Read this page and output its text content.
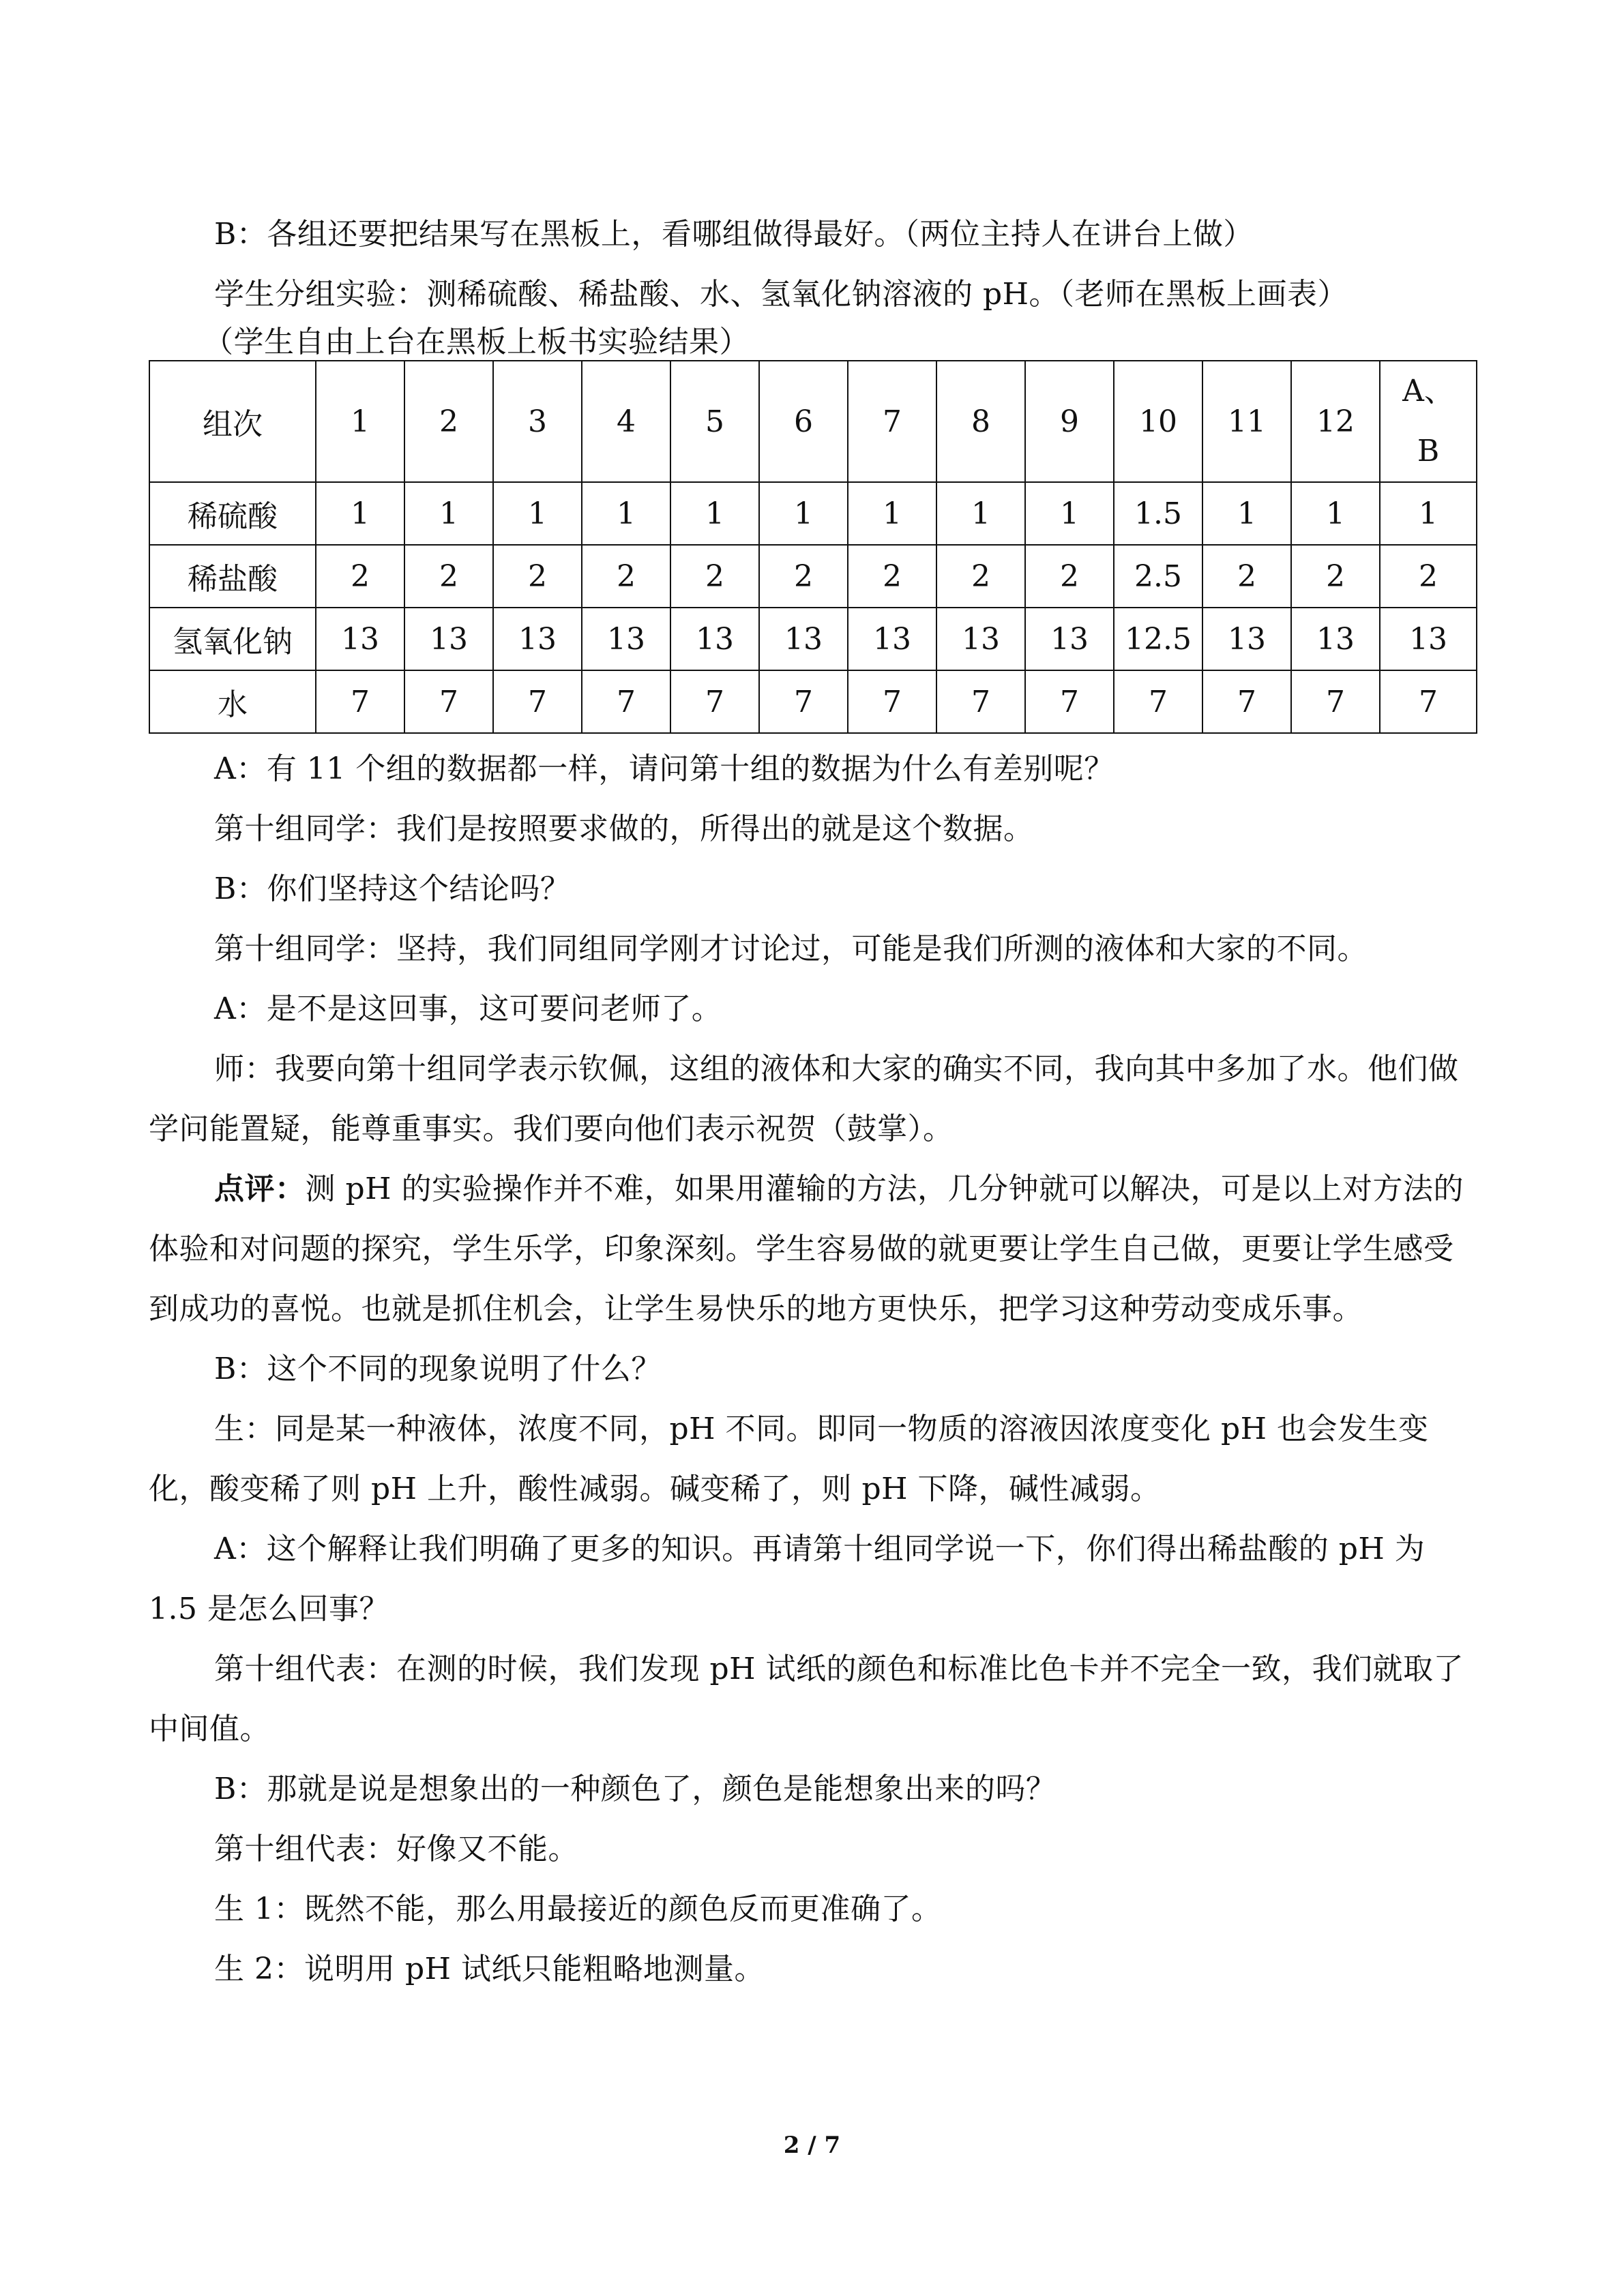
B：各组还要把结果写在黑板上，看哪组做得最好。（两位主持人在讲台上做）

学生分组实验：测稀硫酸、稀盐酸、水、氢氧化钠溶液的 pH。（老师在黑板上画表）

（学生自由上台在黑板上板书实验结果）

组次	1	2	3	4	5	6	7	8	9	10	11	12	A、
B

稀硫酸	1	1	1	1	1	1	1	1	1	1.5	1	1	1
稀盐酸	2	2	2	2	2	2	2	2	2	2.5	2	2	2
氢氧化钠	13	13	13	13	13	13	13	13	13	12.5	13	13	13
水	7	7	7	7	7	7	7	7	7	7	7	7	7

A：有 11 个组的数据都一样，请问第十组的数据为什么有差别呢？

第十组同学：我们是按照要求做的，所得出的就是这个数据。

B：你们坚持这个结论吗？

第十组同学：坚持，我们同组同学刚才讨论过，可能是我们所测的液体和大家的不同。

A：是不是这回事，这可要问老师了。

师：我要向第十组同学表示钦佩，这组的液体和大家的确实不同，我向其中多加了水。他们做学问能置疑，能尊重事实。我们要向他们表示祝贺（鼓掌）。

点评：测 pH 的实验操作并不难，如果用灌输的方法，几分钟就可以解决，可是以上对方法的体验和对问题的探究，学生乐学，印象深刻。学生容易做的就更要让学生自己做，更要让学生感受到成功的喜悦。也就是抓住机会，让学生易快乐的地方更快乐，把学习这种劳动变成乐事。

B：这个不同的现象说明了什么？

生：同是某一种液体，浓度不同，pH 不同。即同一物质的溶液因浓度变化 pH 也会发生变化，酸变稀了则 pH 上升，酸性减弱。碱变稀了，则 pH 下降，碱性减弱。

A：这个解释让我们明确了更多的知识。再请第十组同学说一下，你们得出稀盐酸的 pH 为 1.5 是怎么回事？

第十组代表：在测的时候，我们发现 pH 试纸的颜色和标准比色卡并不完全一致，我们就取了中间值。

B：那就是说是想象出的一种颜色了，颜色是能想象出来的吗？

第十组代表：好像又不能。

生 1：既然不能，那么用最接近的颜色反而更准确了。

生 2：说明用 pH 试纸只能粗略地测量。

2 / 7
